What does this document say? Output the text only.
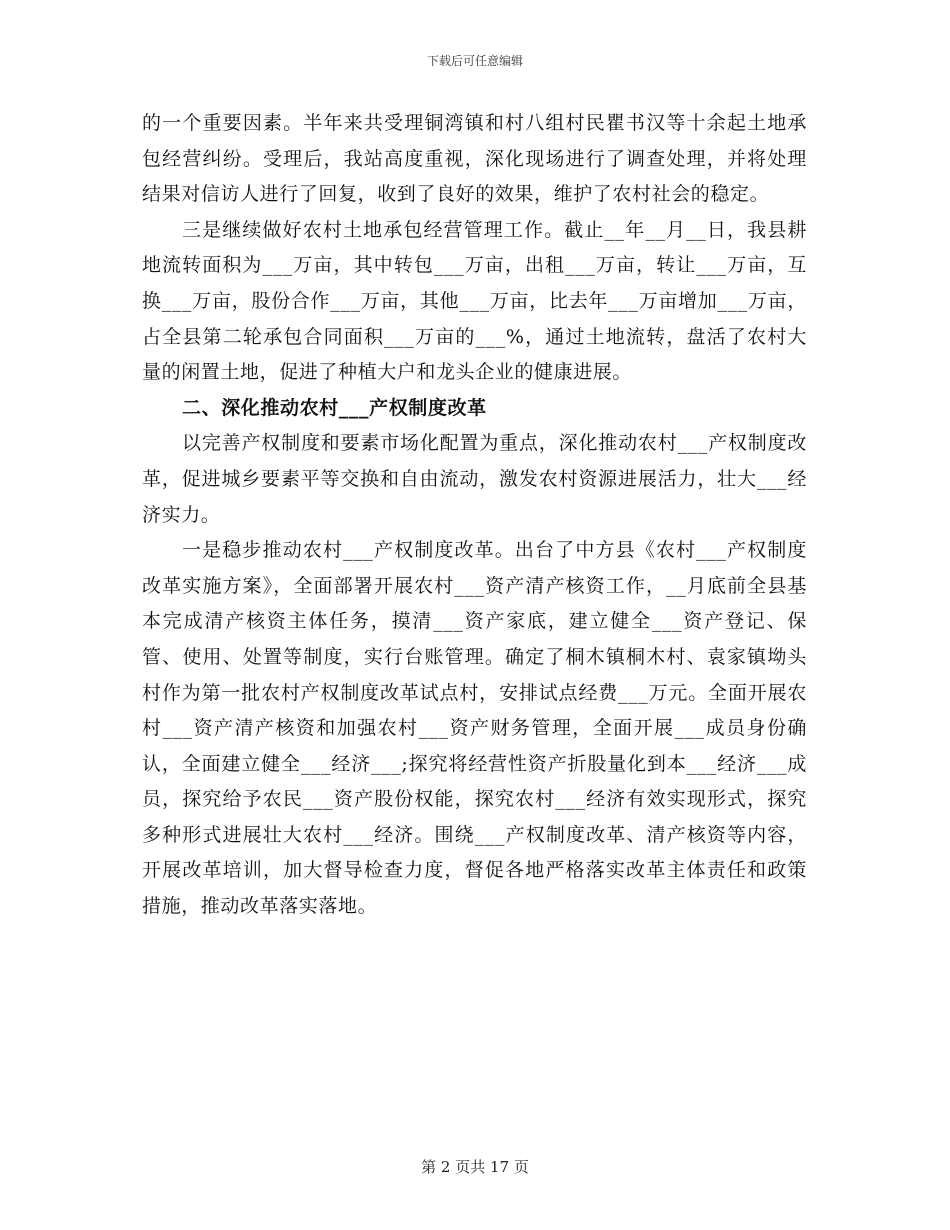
下载后可任意编辑

的一个重要因素。半年来共受理铜湾镇和村八组村民瞿书汉等十余起土地承包经营纠纷。受理后，我站高度重视，深化现场进行了调查处理，并将处理结果对信访人进行了回复，收到了良好的效果，维护了农村社会的稳定。

三是继续做好农村土地承包经营管理工作。截止__年__月__日，我县耕地流转面积为___万亩，其中转包___万亩，出租___万亩，转让___万亩，互换___万亩，股份合作___万亩，其他___万亩，比去年___万亩增加___万亩，占全县第二轮承包合同面积___万亩的___%，通过土地流转，盘活了农村大量的闲置土地，促进了种植大户和龙头企业的健康进展。

二、深化推动农村___产权制度改革

以完善产权制度和要素市场化配置为重点，深化推动农村___产权制度改革，促进城乡要素平等交换和自由流动，激发农村资源进展活力，壮大___经济实力。

一是稳步推动农村___产权制度改革。出台了中方县《农村___产权制度改革实施方案》，全面部署开展农村___资产清产核资工作，__月底前全县基本完成清产核资主体任务，摸清___资产家底，建立健全___资产登记、保管、使用、处置等制度，实行台账管理。确定了桐木镇桐木村、袁家镇坳头村作为第一批农村产权制度改革试点村，安排试点经费___万元。全面开展农村___资产清产核资和加强农村___资产财务管理，全面开展___成员身份确认，全面建立健全___经济___;探究将经营性资产折股量化到本___经济___成员，探究给予农民___资产股份权能，探究农村___经济有效实现形式，探究多种形式进展壮大农村___经济。围绕___产权制度改革、清产核资等内容，开展改革培训，加大督导检查力度，督促各地严格落实改革主体责任和政策措施，推动改革落实落地。

第 2 页共 17 页
